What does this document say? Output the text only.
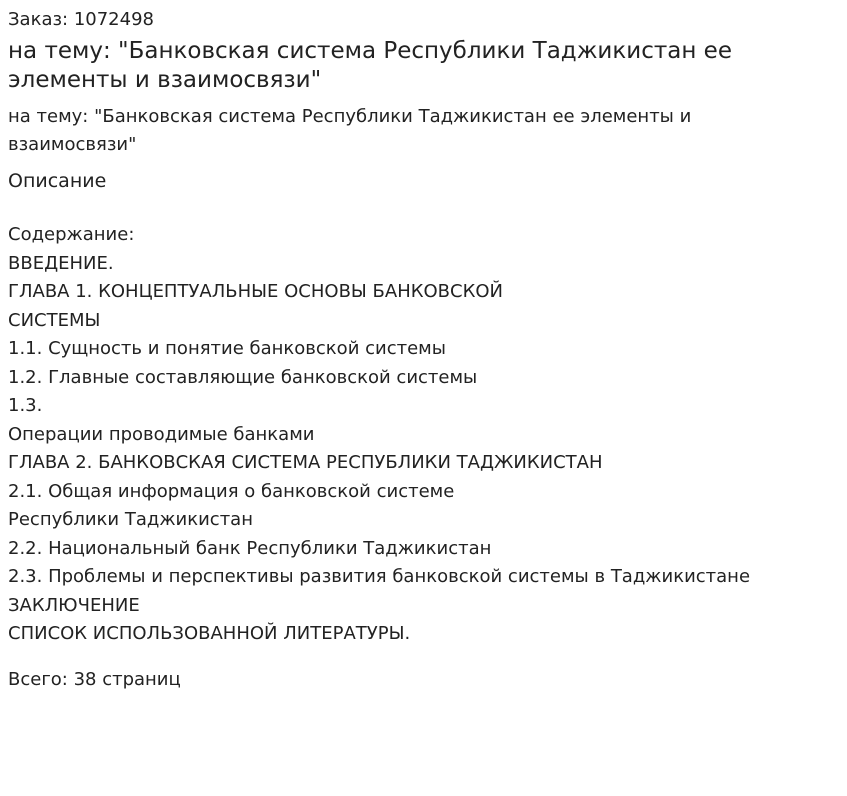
Заказ: 1072498
на тему: "Банковская система Республики Таджикистан ее элементы и взаимосвязи"
на тему: "Банковская система Республики Таджикистан ее элементы и взаимосвязи"
Описание
Содержание:
ВВЕДЕНИЕ.
ГЛАВА 1. КОНЦЕПТУАЛЬНЫЕ ОСНОВЫ БАНКОВСКОЙ
СИСТЕМЫ
1.1. Сущность и понятие банковской системы
1.2. Главные составляющие банковской системы
1.3.
Операции проводимые банками
ГЛАВА 2. БАНКОВСКАЯ СИСТЕМА РЕСПУБЛИКИ ТАДЖИКИСТАН
2.1. Общая информация о банковской системе
Республики Таджикистан
2.2. Национальный банк Республики Таджикистан
2.3. Проблемы и перспективы развития банковской системы в Таджикистане
ЗАКЛЮЧЕНИЕ
СПИСОК ИСПОЛЬЗОВАННОЙ ЛИТЕРАТУРЫ.
Всего: 38 страниц
